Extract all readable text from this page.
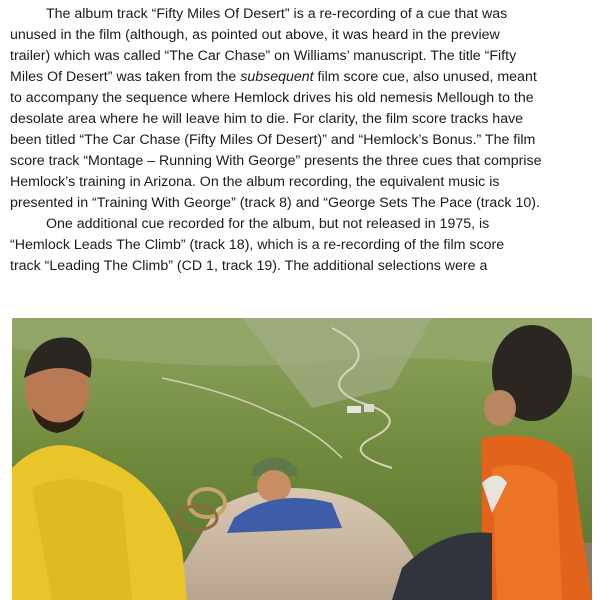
The album track “Fifty Miles Of Desert” is a re-recording of a cue that was
unused in the film (although, as pointed out above, it was heard in the preview
trailer) which was called “The Car Chase” on Williams’ manuscript. The title “Fifty
Miles Of Desert” was taken from the subsequent film score cue, also unused, meant
to accompany the sequence where Hemlock drives his old nemesis Mellough to the
desolate area where he will leave him to die. For clarity, the film score tracks have
been titled “The Car Chase (Fifty Miles Of Desert)” and “Hemlock’s Bonus.” The film
score track “Montage – Running With George” presents the three cues that comprise
Hemlock’s training in Arizona. On the album recording, the equivalent music is
presented in “Training With George” (track 8) and “George Sets The Pace (track 10).

One additional cue recorded for the album, but not released in 1975, is
“Hemlock Leads The Climb” (track 18), which is a re-recording of the film score
track “Leading The Climb” (CD 1, track 19). The additional selections were a
